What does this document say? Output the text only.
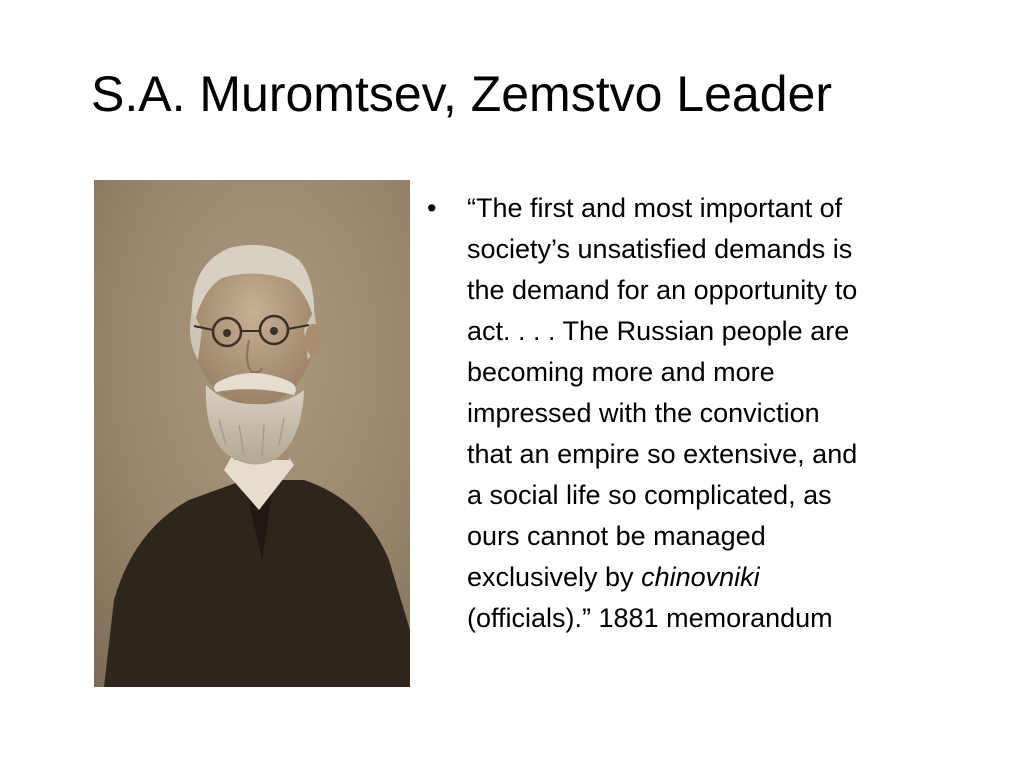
S.A. Muromtsev, Zemstvo Leader
• “The first and most important of
society’s unsatisfied demands is
the demand for an opportunity to
act. . . . The Russian people are
becoming more and more
impressed with the conviction
that an empire so extensive, and
a social life so complicated, as
ours cannot be managed
exclusively by chinovniki
(officials).” 1881 memorandum
